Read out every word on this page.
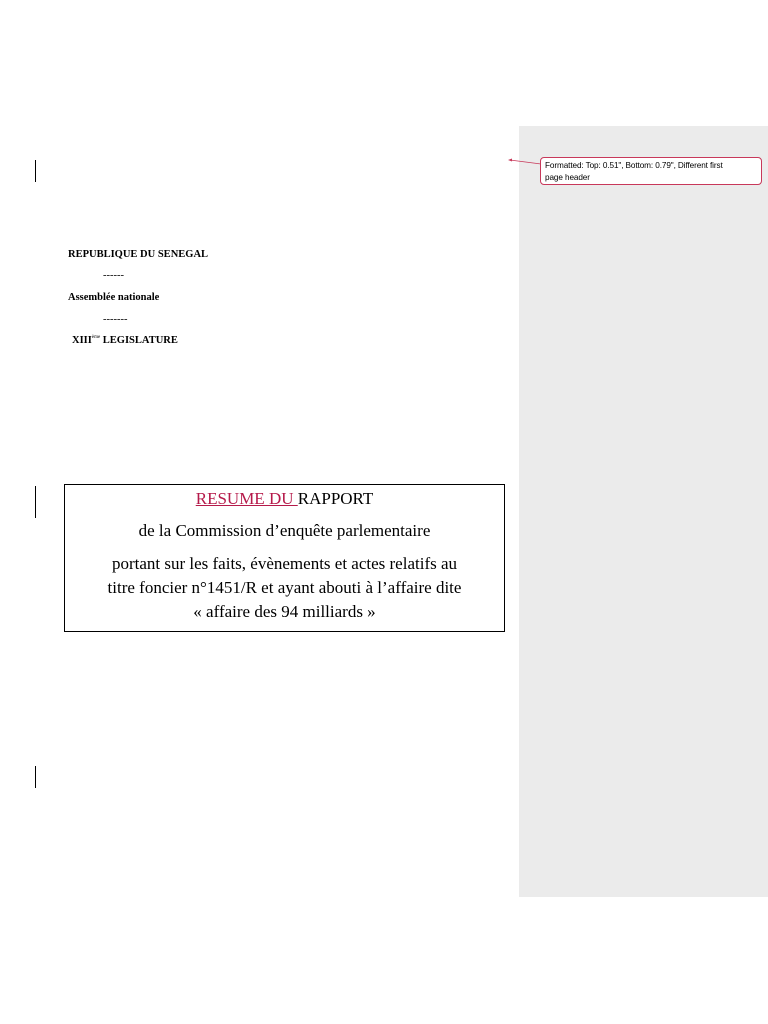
REPUBLIQUE DU SENEGAL
------
Assemblée nationale
-------
XIIIème LEGISLATURE
RESUME DU RAPPORT
de la Commission d’enquête parlementaire
portant sur les faits, évènements et actes relatifs au
titre foncier n°1451/R et ayant abouti à l’affaire dite
« affaire des 94 milliards »
Formatted: Top: 0.51", Bottom: 0.79", Different first
page header
